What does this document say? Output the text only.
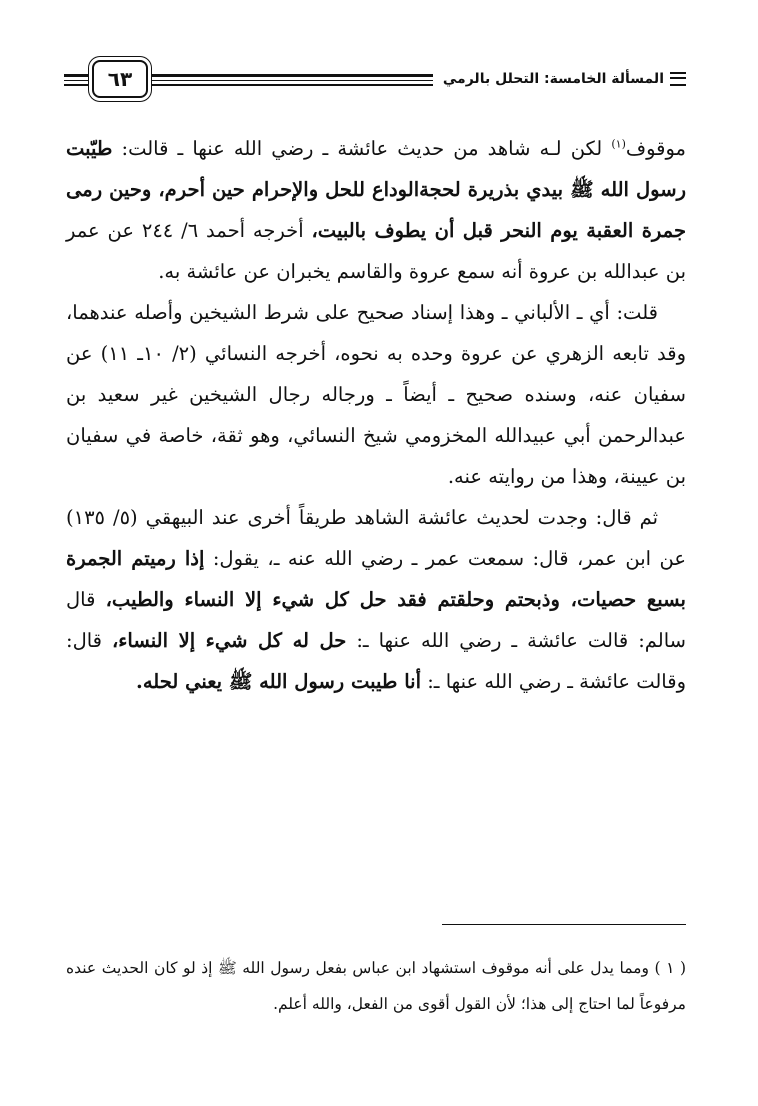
المسألة الخامسة: التحلل بالرمي
٦٣

موقوف$^{(١)}$ لكن لـه شاهد من حديث عائشة ـ رضي الله عنها ـ قالت: طيّبت رسول الله ﷺ بيدي بذريرة لحجةالوداع للحل والإحرام حين أحرم، وحين رمى جمرة العقبة يوم النحر قبل أن يطوف بالبيت، أخرجه أحمد ٦/ ٢٤٤ عن عمر بن عبدالله بن عروة أنه سمع عروة والقاسم يخبران عن عائشة به.

قلت: أي ـ الألباني ـ وهذا إسناد صحيح على شرط الشيخين وأصله عندهما، وقد تابعه الزهري عن عروة وحده به نحوه، أخرجه النسائي (٢/ ١٠ـ ١١) عن سفيان عنه، وسنده صحيح ـ أيضاً ـ ورجاله رجال الشيخين غير سعيد بن عبدالرحمن أبي عبيدالله المخزومي شيخ النسائي، وهو ثقة، خاصة في سفيان بن عيينة، وهذا من روايته عنه.

ثم قال: وجدت لحديث عائشة الشاهد طريقاً أخرى عند البيهقي (٥/ ١٣٥) عن ابن عمر، قال: سمعت عمر ـ رضي الله عنه ـ، يقول: إذا رميتم الجمرة بسبع حصيات، وذبحتم وحلقتم فقد حل كل شيء إلا النساء والطيب، قال سالم: قالت عائشة ـ رضي الله عنها ـ: حل له كل شيء إلا النساء، قال: وقالت عائشة ـ رضي الله عنها ـ: أنا طيبت رسول الله ﷺ يعني لحله.

( ١ ) ومما يدل على أنه موقوف استشهاد ابن عباس بفعل رسول الله ﷺ إذ لو كان الحديث عنده مرفوعاً لما احتاج إلى هذا؛ لأن القول أقوى من الفعل، والله أعلم.
